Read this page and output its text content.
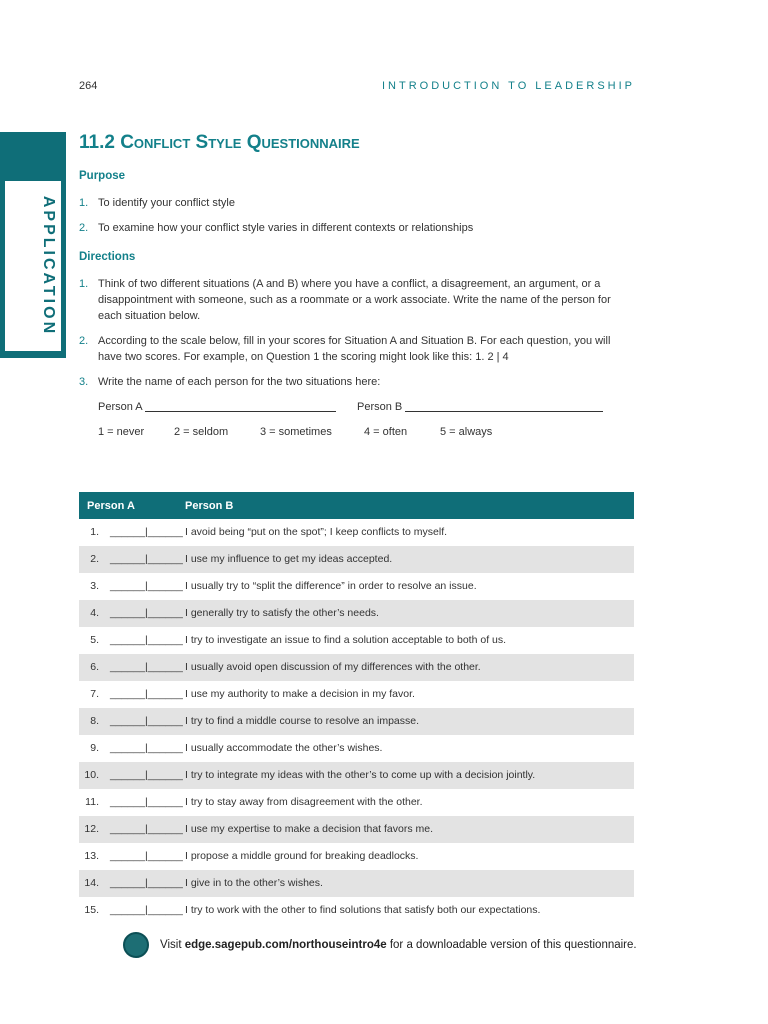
264	INTRODUCTION TO LEADERSHIP
APPLICATION
11.2 Conflict Style Questionnaire
Purpose
1. To identify your conflict style
2. To examine how your conflict style varies in different contexts or relationships
Directions
1. Think of two different situations (A and B) where you have a conflict, a disagreement, an argument, or a disappointment with someone, such as a roommate or a work associate. Write the name of the person for each situation below.
2. According to the scale below, fill in your scores for Situation A and Situation B. For each question, you will have two scores. For example, on Question 1 the scoring might look like this: 1. 2 | 4
3. Write the name of each person for the two situations here:
Person A	Person B
1 = never	2 = seldom	3 = sometimes	4 = often	5 = always
Person A	Person B
1. ______|______ I avoid being “put on the spot”; I keep conflicts to myself.
2. ______|______ I use my influence to get my ideas accepted.
3. ______|______ I usually try to “split the difference” in order to resolve an issue.
4. ______|______ I generally try to satisfy the other’s needs.
5. ______|______ I try to investigate an issue to find a solution acceptable to both of us.
6. ______|______ I usually avoid open discussion of my differences with the other.
7. ______|______ I use my authority to make a decision in my favor.
8. ______|______ I try to find a middle course to resolve an impasse.
9. ______|______ I usually accommodate the other’s wishes.
10. ______|______ I try to integrate my ideas with the other’s to come up with a decision jointly.
11. ______|______ I try to stay away from disagreement with the other.
12. ______|______ I use my expertise to make a decision that favors me.
13. ______|______ I propose a middle ground for breaking deadlocks.
14. ______|______ I give in to the other’s wishes.
15. ______|______ I try to work with the other to find solutions that satisfy both our expectations.
Visit edge.sagepub.com/northouseintro4e for a downloadable version of this questionnaire.
